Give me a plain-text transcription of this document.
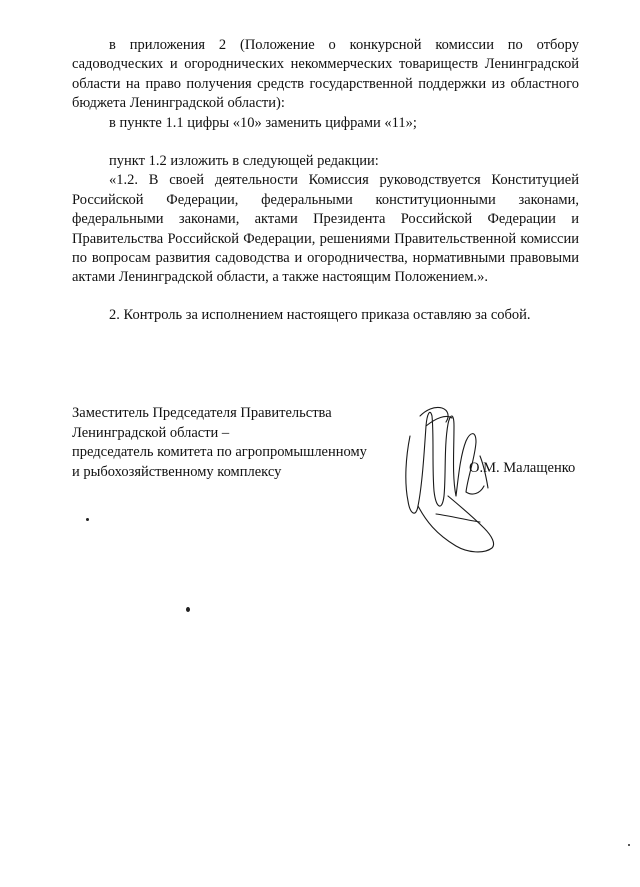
в приложения 2 (Положение о конкурсной комиссии по отбору садоводческих и огороднических некоммерческих товариществ Ленинградской области на право получения средств государственной поддержки из областного бюджета Ленинградской области):

в пункте 1.1 цифры «10» заменить цифрами «11»;

пункт 1.2 изложить в следующей редакции:

«1.2. В своей деятельности Комиссия руководствуется Конституцией Российской Федерации, федеральными конституционными законами, федеральными законами, актами Президента Российской Федерации и Правительства Российской Федерации, решениями Правительственной комиссии по вопросам развития садоводства и огородничества, нормативными правовыми актами Ленинградской области, а также настоящим Положением.».

2. Контроль за исполнением настоящего приказа оставляю за собой.

Заместитель Председателя Правительства
Ленинградской области –
председатель комитета по агропромышленному
и рыбохозяйственному комплексу	О.М. Малащенко
